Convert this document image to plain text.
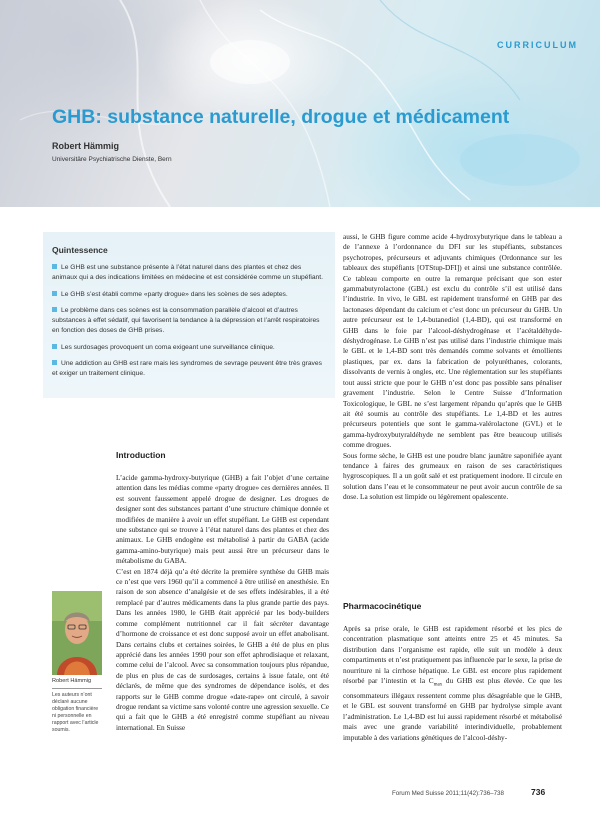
CURRICULUM
GHB: substance naturelle, drogue et médicament
Robert Hämmig
Universitäre Psychiatrische Dienste, Bern
Quintessence
Le GHB est une substance présente à l’état naturel dans des plantes et chez des animaux qui a des indications limitées en médecine et est considérée comme un stupéfiant.
Le GHB s’est établi comme «party drogue» dans les scènes de ses adeptes.
Le problème dans ces scènes est la consommation parallèle d’alcool et d’autres substances à effet sédatif, qui favorisent la tendance à la dépression et l’arrêt respiratoires en fonction des doses de GHB prises.
Les surdosages provoquent un coma exigeant une surveillance clinique.
Une addiction au GHB est rare mais les syndromes de sevrage peuvent être très graves et exiger un traitement clinique.
Introduction

L’acide gamma-hydroxy-butyrique (GHB) a fait l’objet d’une certaine attention dans les médias comme «party drogue» ces dernières années. Il est souvent faussement appelé drogue de designer. Les drogues de designer sont des substances partant d’une structure chimique donnée et modifiées de manière à avoir un effet stupéfiant. Le GHB est cependant une substance qui se trouve à l’état naturel dans des plantes et chez des animaux. Le GHB endogène est métabolisé à partir du GABA (acide gamma-amino-butyrique) mais peut aussi être un précurseur dans le métabolisme du GABA.

C’est en 1874 déjà qu’a été décrite la première synthèse du GHB mais ce n’est que vers 1960 qu’il a commencé à être utilisé en anesthésie. En raison de son absence d’analgésie et de ses effets indésirables, il a été remplacé par d’autres médicaments dans la plus grande partie des pays. Dans les années 1980, le GHB était apprécié par les body-builders comme complément nutritionnel car il fait sécréter davantage d’hormone de croissance et est donc supposé avoir un effet anabolisant. Dans certains clubs et certaines soirées, le GHB a été de plus en plus apprécié dans les années 1990 pour son effet aphrodisiaque et relaxant, comme celui de l’alcool. Avec sa consommation toujours plus répandue, de plus en plus de cas de surdosages, certains à issue fatale, ont été déclarés, de même que des syndromes de dépendance isolés, et des rapports sur le GHB comme drogue «date-rape» ont circulé, à savoir drogue rendant sa victime sans volonté contre une agression sexuelle. Ce qui a fait que le GHB a été enregistré comme stupéfiant au niveau international. En Suisse

Robert Hämmig
Les auteurs n’ont déclaré aucune obligation financière ni personnelle en rapport avec l’article soumis.

aussi, le GHB figure comme acide 4-hydroxybutyrique dans le tableau a de l’annexe à l’ordonnance du DFI sur les stupéfiants, substances psychotropes, précurseurs et adjuvants chimiques (Ordonnance sur les tableaux des stupéfiants [OTStup-DFI]) et ainsi une substance contrôlée. Ce tableau comporte en outre la remarque précisant que son ester gammabutyrolactone (GBL) est exclu du contrôle s’il est utilisé dans l’industrie. In vivo, le GBL est rapidement transformé en GHB par des lactonases dépendant du calcium et c’est donc un précurseur du GHB. Un autre précurseur est le 1,4-butanediol (1,4-BD), qui est transformé en GHB dans le foie par l’alcool-déshydrogénase et l’acétaldéhyde-déshydrogénase. Le GHB n’est pas utilisé dans l’industrie chimique mais le GBL et le 1,4-BD sont très demandés comme solvants et émollients plastiques, par ex. dans la fabrication de polyuréthanes, colorants, dissolvants de vernis à ongles, etc. Une réglementation sur les stupéfiants tout aussi stricte que pour le GHB n’est donc pas possible sans pénaliser gravement l’industrie. Selon le Centre Suisse d’Information Toxicologique, le GBL ne s’est largement répandu qu’après que le GHB ait été soumis au contrôle des stupéfiants. Le 1,4-BD et les autres précurseurs potentiels que sont le gamma-valérolactone (GVL) et le gamma-hydroxybutyraldéhyde ne semblent pas être beaucoup utilisés comme drogues.

Sous forme sèche, le GHB est une poudre blanc jaunâtre saponifiée ayant tendance à faires des grumeaux en raison de ses caractéristiques hygroscopiques. Il a un goût salé et est pratiquement inodore. Il circule en solution dans l’eau et le consommateur ne peut avoir aucun contrôle de sa dose. La solution est limpide ou légèrement opalescente.

Pharmacocinétique

Après sa prise orale, le GHB est rapidement résorbé et les pics de concentration plasmatique sont atteints entre 25 et 45 minutes. Sa distribution dans l’organisme est rapide, elle suit un modèle à deux compartiments et n’est pratiquement pas influencée par le sexe, la prise de nourriture ni la cirrhose hépatique. Le GBL est encore plus rapidement résorbé par l’intestin et la $C_{max}$ du GHB est plus élevée. Ce que les consommateurs illégaux ressentent comme plus désagréable que le GHB, et le GBL est souvent transformé en GHB par hydrolyse simple avant l’administration. Le 1,4-BD est lui aussi rapidement résorbé et métabolisé mais avec une grande variabilité interindividuelle, probablement imputable à des variations génétiques de l’alcool-déshy-

Forum Med Suisse 2011;11(42):736–738	736
